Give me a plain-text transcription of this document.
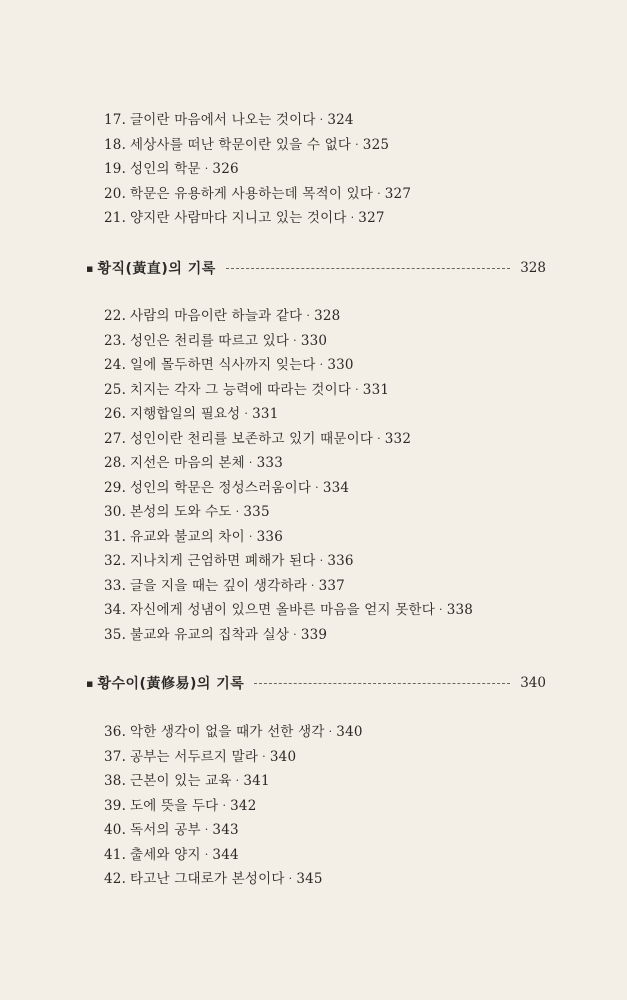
17. 글이란 마음에서 나오는 것이다 · 324
18. 세상사를 떠난 학문이란 있을 수 없다 · 325
19. 성인의 학문 · 326
20. 학문은 유용하게 사용하는데 목적이 있다 · 327
21. 양지란 사람마다 지니고 있는 것이다 · 327
▪ 황직(黃直)의 기록	328
22. 사람의 마음이란 하늘과 같다 · 328
23. 성인은 천리를 따르고 있다 · 330
24. 일에 몰두하면 식사까지 잊는다 · 330
25. 치지는 각자 그 능력에 따라는 것이다 · 331
26. 지행합일의 필요성 · 331
27. 성인이란 천리를 보존하고 있기 때문이다 · 332
28. 지선은 마음의 본체 · 333
29. 성인의 학문은 정성스러움이다 · 334
30. 본성의 도와 수도 · 335
31. 유교와 불교의 차이 · 336
32. 지나치게 근엄하면 폐해가 된다 · 336
33. 글을 지을 때는 깊이 생각하라 · 337
34. 자신에게 성냄이 있으면 올바른 마음을 얻지 못한다 · 338
35. 불교와 유교의 집착과 실상 · 339
▪ 황수이(黃修易)의 기록	340
36. 악한 생각이 없을 때가 선한 생각 · 340
37. 공부는 서두르지 말라 · 340
38. 근본이 있는 교육 · 341
39. 도에 뜻을 두다 · 342
40. 독서의 공부 · 343
41. 출세와 양지 · 344
42. 타고난 그대로가 본성이다 · 345
